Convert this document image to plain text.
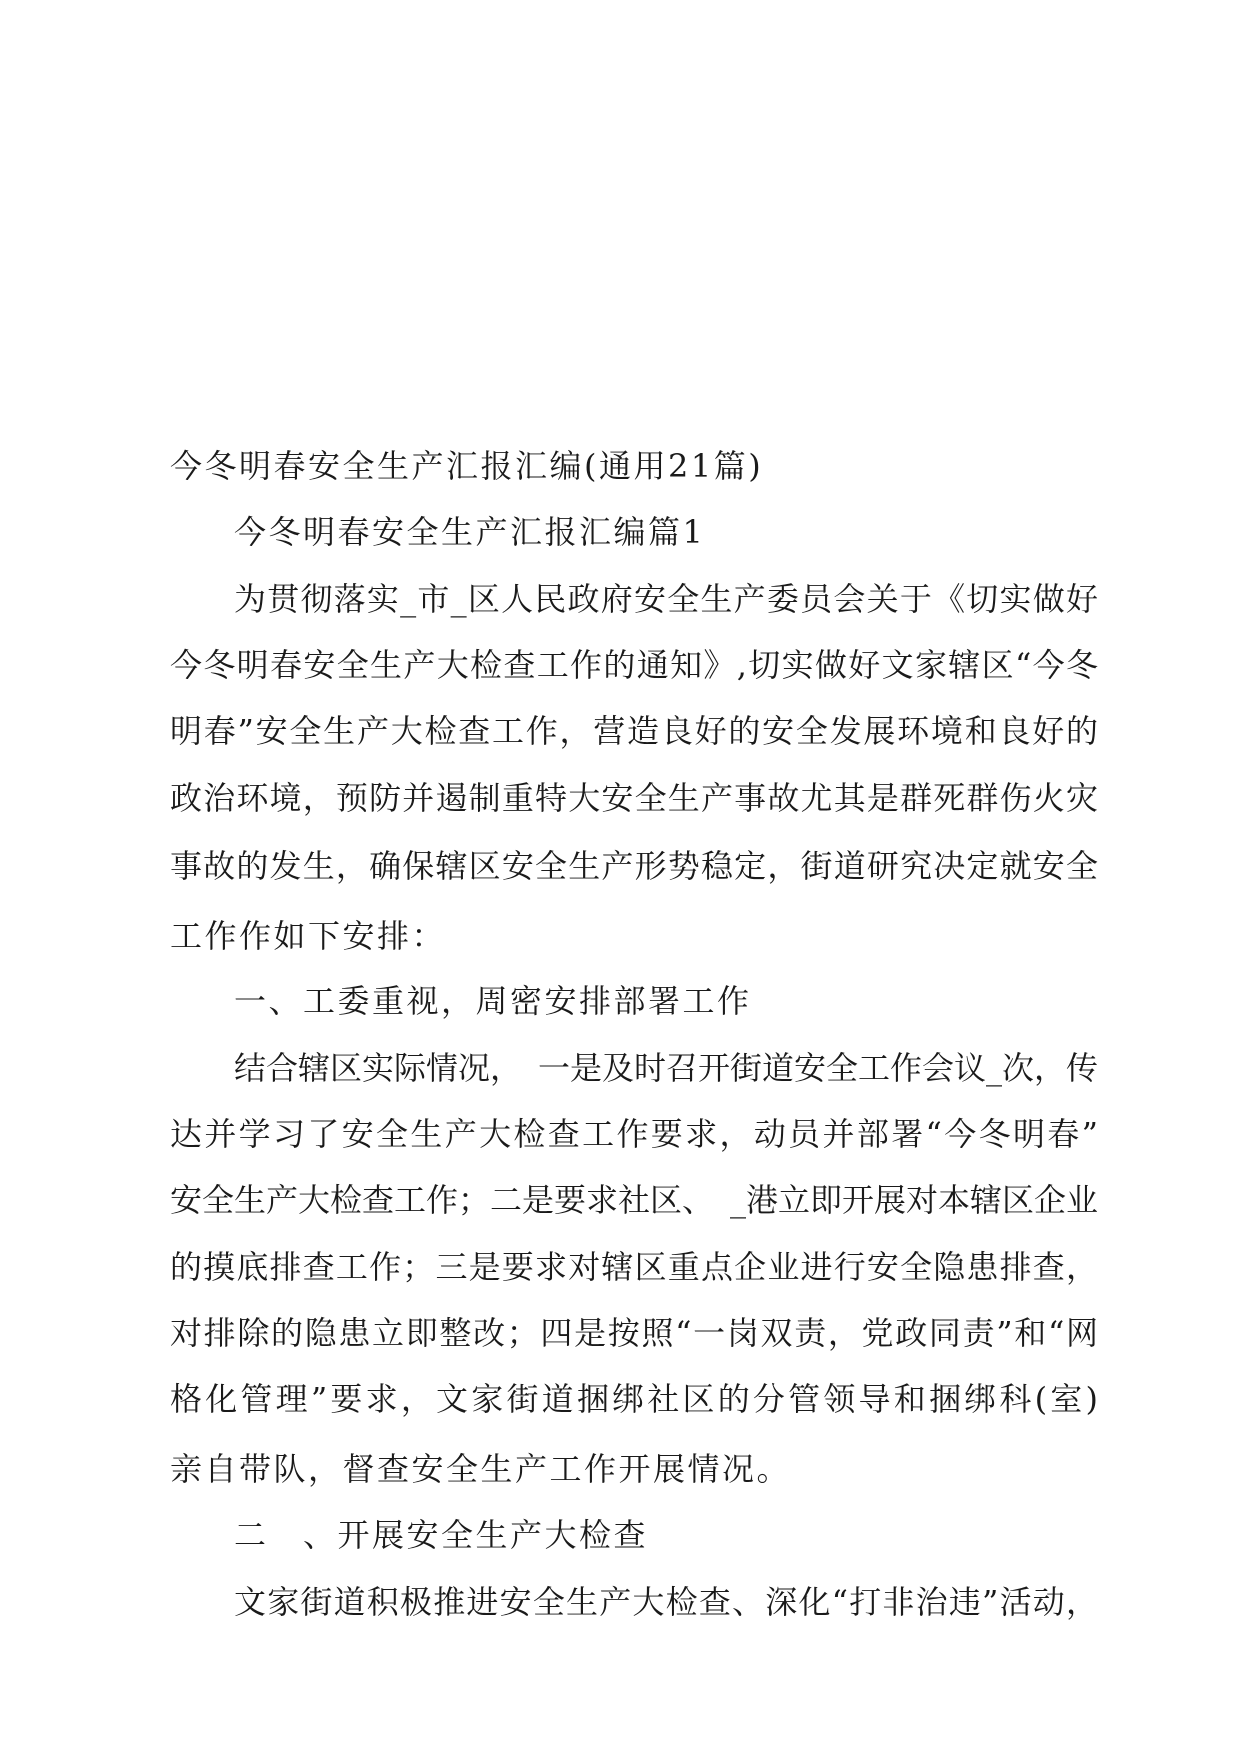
今冬明春安全生产汇报汇编(通用21篇)
今冬明春安全生产汇报汇编篇1
为贯彻落实_市_区人民政府安全生产委员会关于《切实做好
今冬明春安全生产大检查工作的通知》,切实做好文家辖区“今冬
明春”安全生产大检查工作，营造良好的安全发展环境和良好的
政治环境，预防并遏制重特大安全生产事故尤其是群死群伤火灾
事故的发生，确保辖区安全生产形势稳定，街道研究决定就安全
工作作如下安排：
一、工委重视，周密安排部署工作
结合辖区实际情况，　一是及时召开街道安全工作会议_次，传
达并学习了安全生产大检查工作要求，动员并部署“今冬明春”
安全生产大检查工作；二是要求社区、　_港立即开展对本辖区企业
的摸底排查工作；三是要求对辖区重点企业进行安全隐患排查，
对排除的隐患立即整改；四是按照“一岗双责，党政同责”和“网
格化管理”要求，文家街道捆绑社区的分管领导和捆绑科(室)
亲自带队，督查安全生产工作开展情况。
二　、开展安全生产大检查
文家街道积极推进安全生产大检查、深化“打非治违”活动，
